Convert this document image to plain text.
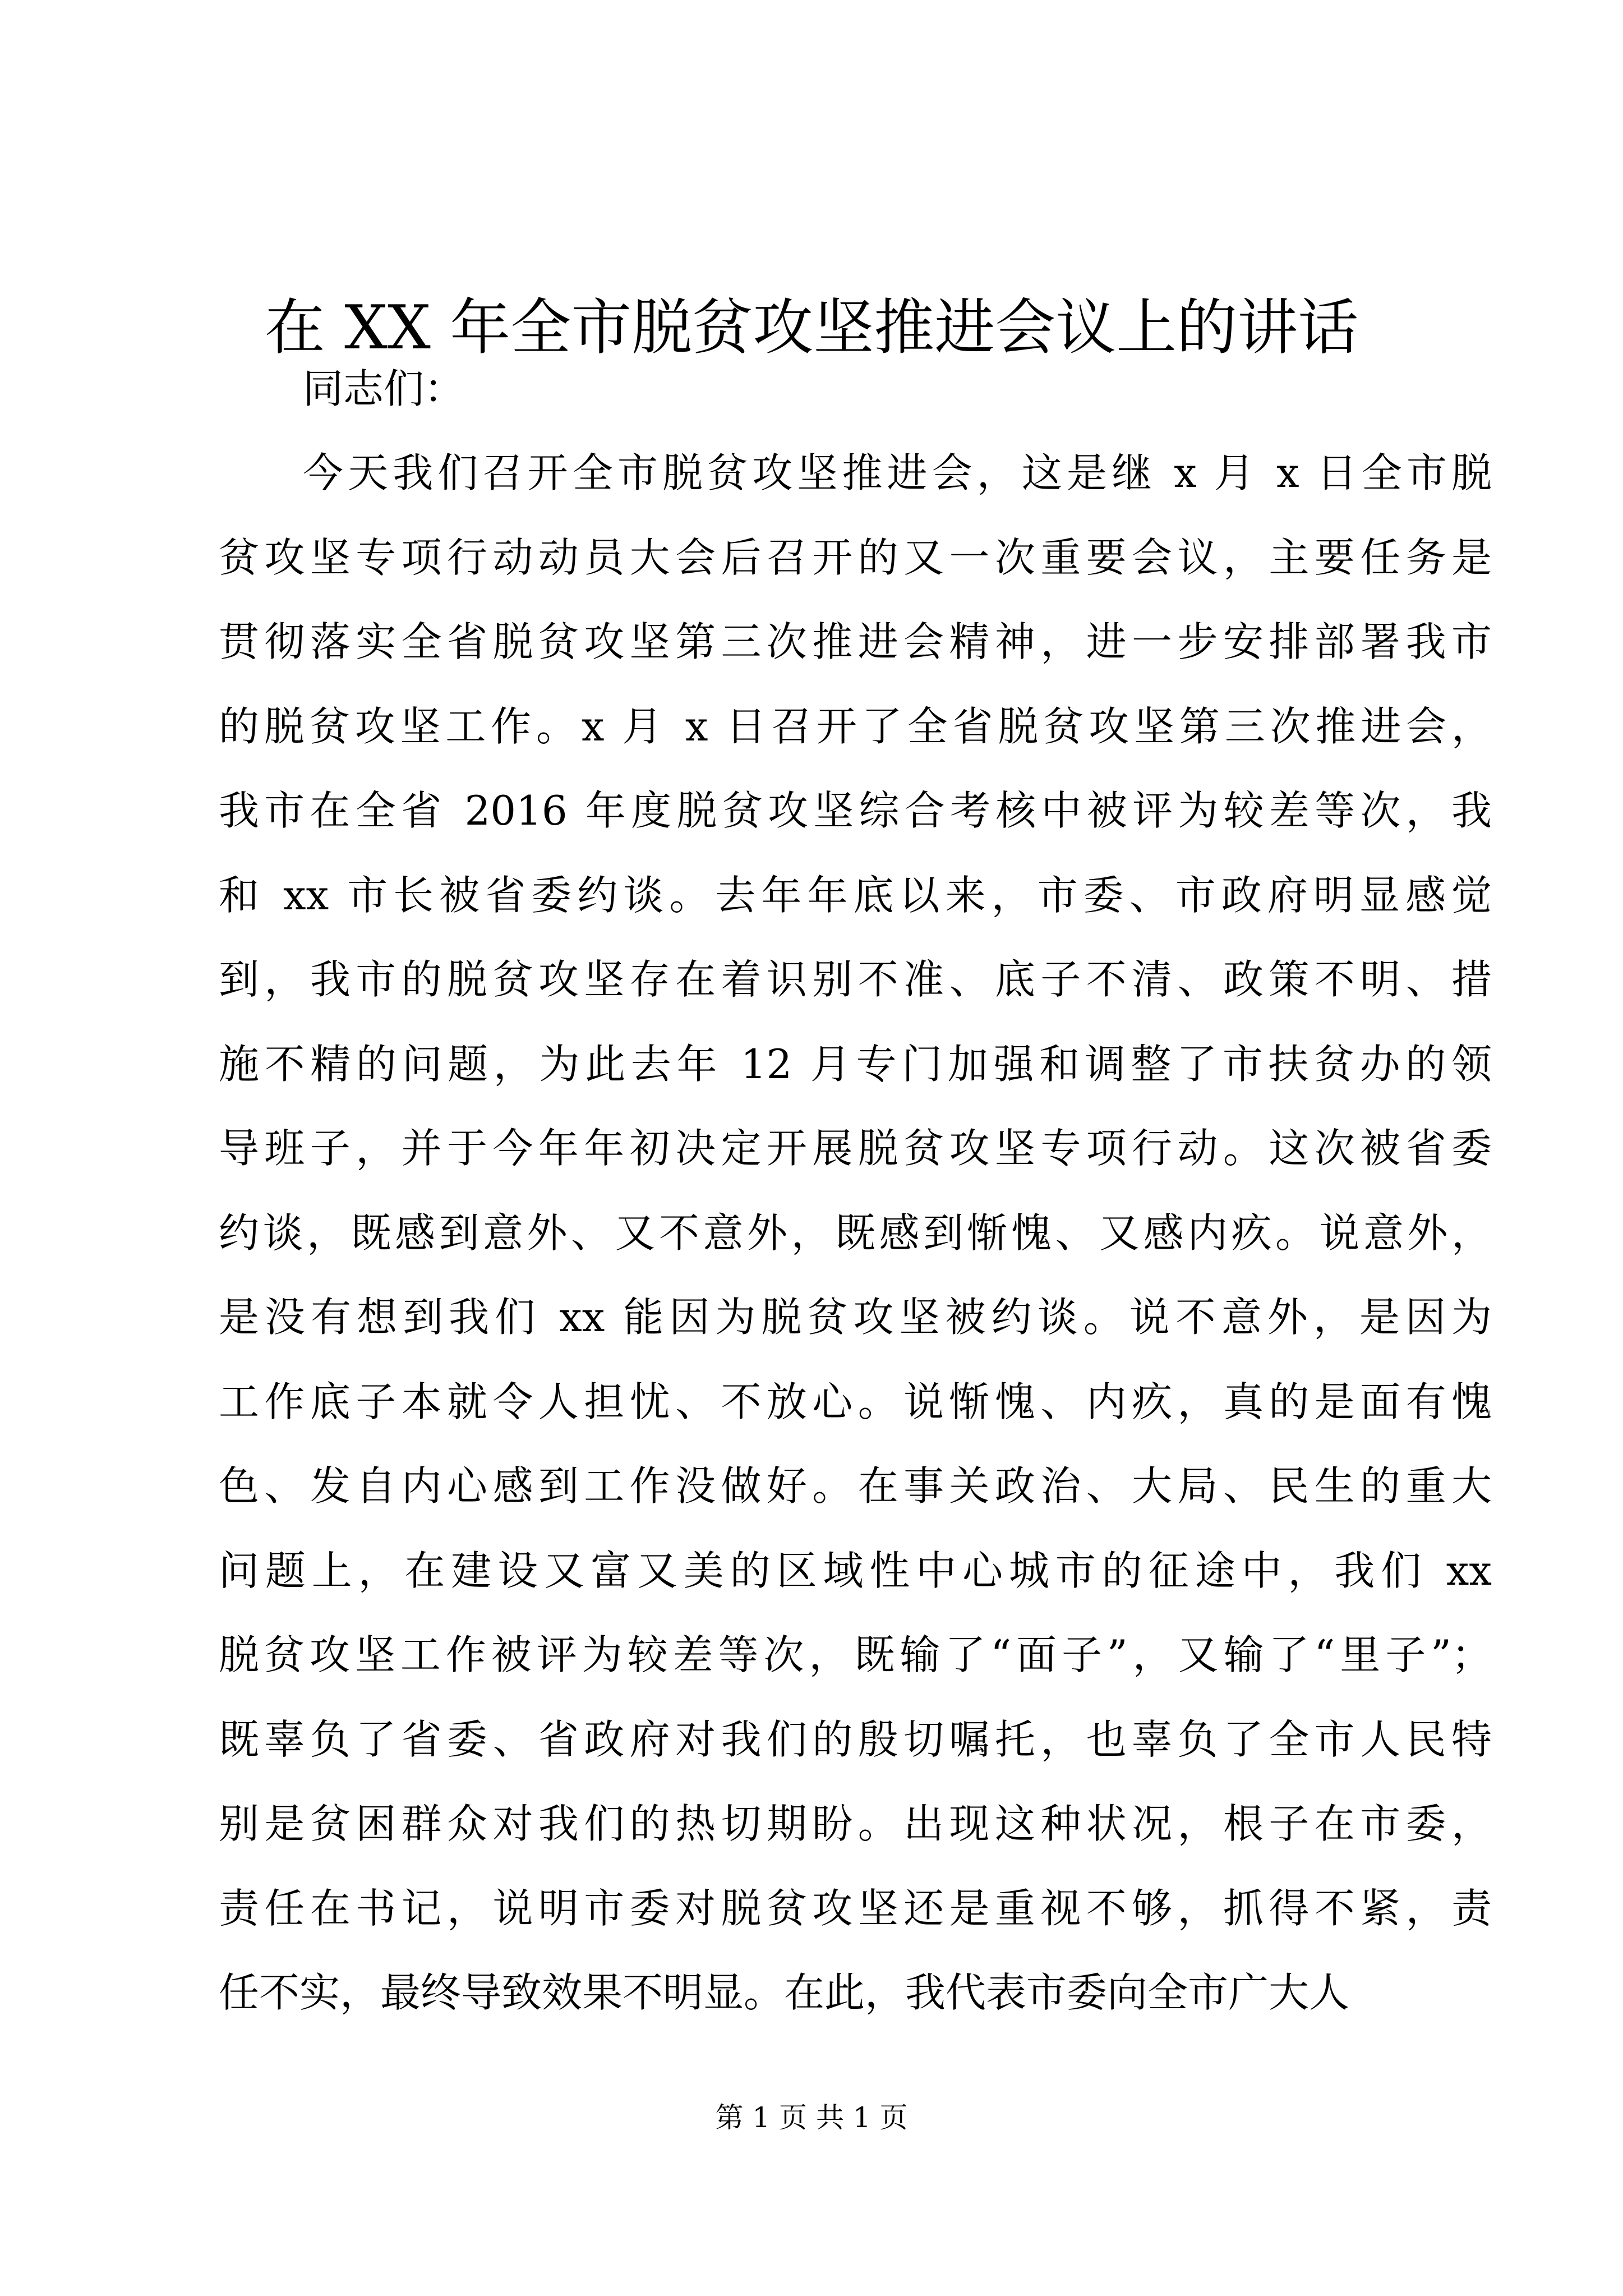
在 XX 年全市脱贫攻坚推进会议上的讲话
同志们：
今天我们召开全市脱贫攻坚推进会，这是继 x 月 x 日全市脱
贫攻坚专项行动动员大会后召开的又一次重要会议，主要任务是
贯彻落实全省脱贫攻坚第三次推进会精神，进一步安排部署我市
的脱贫攻坚工作。x 月 x 日召开了全省脱贫攻坚第三次推进会，
我市在全省 2016 年度脱贫攻坚综合考核中被评为较差等次，我
和 xx 市长被省委约谈。去年年底以来，市委、市政府明显感觉
到，我市的脱贫攻坚存在着识别不准、底子不清、政策不明、措
施不精的问题，为此去年 12 月专门加强和调整了市扶贫办的领
导班子，并于今年年初决定开展脱贫攻坚专项行动。这次被省委
约谈，既感到意外、又不意外，既感到惭愧、又感内疚。说意外，
是没有想到我们 xx 能因为脱贫攻坚被约谈。说不意外，是因为
工作底子本就令人担忧、不放心。说惭愧、内疚，真的是面有愧
色、发自内心感到工作没做好。在事关政治、大局、民生的重大
问题上，在建设又富又美的区域性中心城市的征途中，我们 xx
脱贫攻坚工作被评为较差等次，既输了“面子”，又输了“里子”；
既辜负了省委、省政府对我们的殷切嘱托，也辜负了全市人民特
别是贫困群众对我们的热切期盼。出现这种状况，根子在市委，
责任在书记，说明市委对脱贫攻坚还是重视不够，抓得不紧，责
任不实，最终导致效果不明显。在此，我代表市委向全市广大人
第 1 页 共 1 页
